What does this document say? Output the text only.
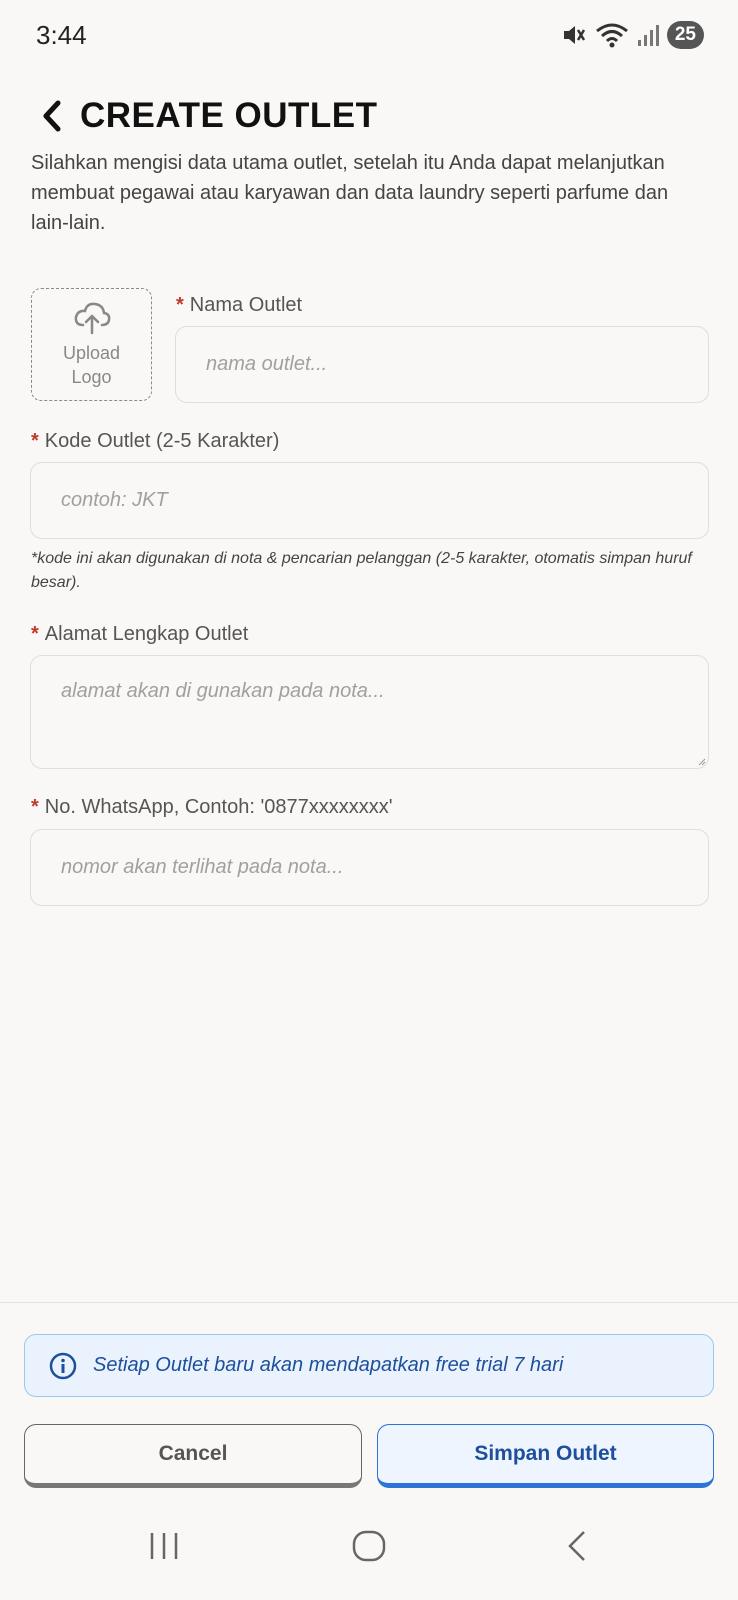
3:44	25
CREATE OUTLET

Silahkan mengisi data utama outlet, setelah itu Anda dapat melanjutkan membuat pegawai atau karyawan dan data laundry seperti parfume dan lain-lain.

Upload
Logo
* Nama Outlet
nama outlet...
* Kode Outlet (2-5 Karakter)
contoh: JKT

*kode ini akan digunakan di nota & pencarian pelanggan (2-5 karakter, otomatis simpan huruf besar).

* Alamat Lengkap Outlet
alamat akan di gunakan pada nota...
* No. WhatsApp, Contoh: '0877xxxxxxxx'
nomor akan terlihat pada nota...
Setiap Outlet baru akan mendapatkan free trial 7 hari
Cancel	Simpan Outlet
